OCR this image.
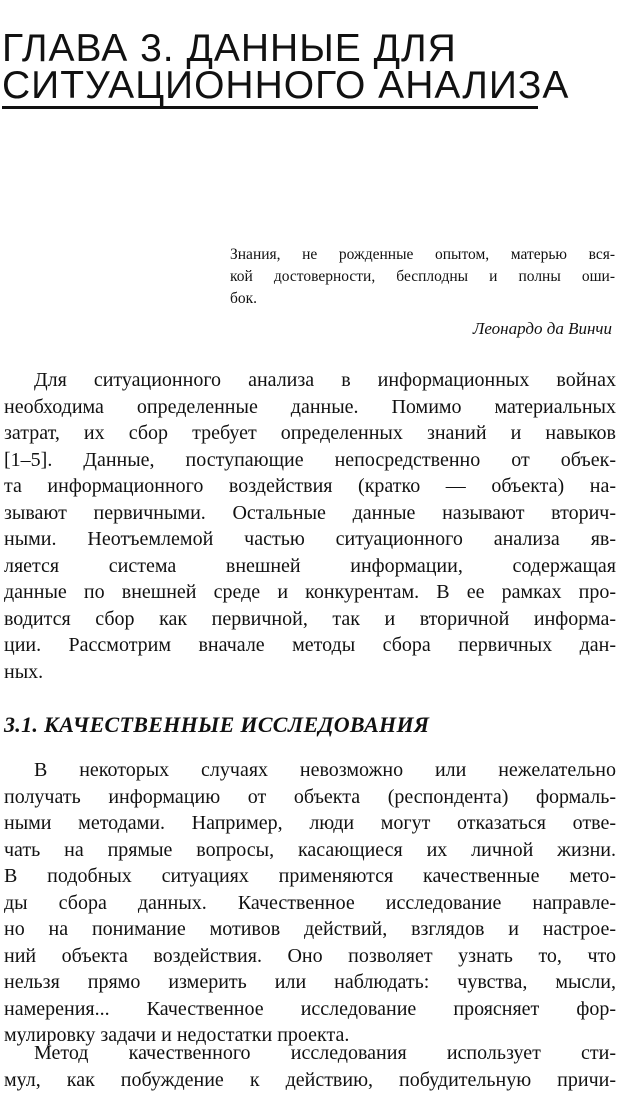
ГЛАВА 3. ДАННЫЕ ДЛЯ
СИТУАЦИОННОГО АНАЛИЗА
Знания, не рожденные опытом, матерью вся-
кой достоверности, бесплодны и полны оши-
бок.
Леонардо да Винчи
Для ситуационного анализа в информационных войнах
необходима определенные данные. Помимо материальных
затрат, их сбор требует определенных знаний и навыков
[1–5]. Данные, поступающие непосредственно от объек-
та информационного воздействия (кратко — объекта) на-
зывают первичными. Остальные данные называют вторич-
ными. Неотъемлемой частью ситуационного анализа яв-
ляется система внешней информации, содержащая
данные по внешней среде и конкурентам. В ее рамках про-
водится сбор как первичной, так и вторичной информа-
ции. Рассмотрим вначале методы сбора первичных дан-
ных.
3.1. КАЧЕСТВЕННЫЕ ИССЛЕДОВАНИЯ
В некоторых случаях невозможно или нежелательно
получать информацию от объекта (респондента) формаль-
ными методами. Например, люди могут отказаться отве-
чать на прямые вопросы, касающиеся их личной жизни.
В подобных ситуациях применяются качественные мето-
ды сбора данных. Качественное исследование направле-
но на понимание мотивов действий, взглядов и настрое-
ний объекта воздействия. Оно позволяет узнать то, что
нельзя прямо измерить или наблюдать: чувства, мысли,
намерения... Качественное исследование проясняет фор-
мулировку задачи и недостатки проекта.
Метод качественного исследования использует сти-
мул, как побуждение к действию, побудительную причи-
